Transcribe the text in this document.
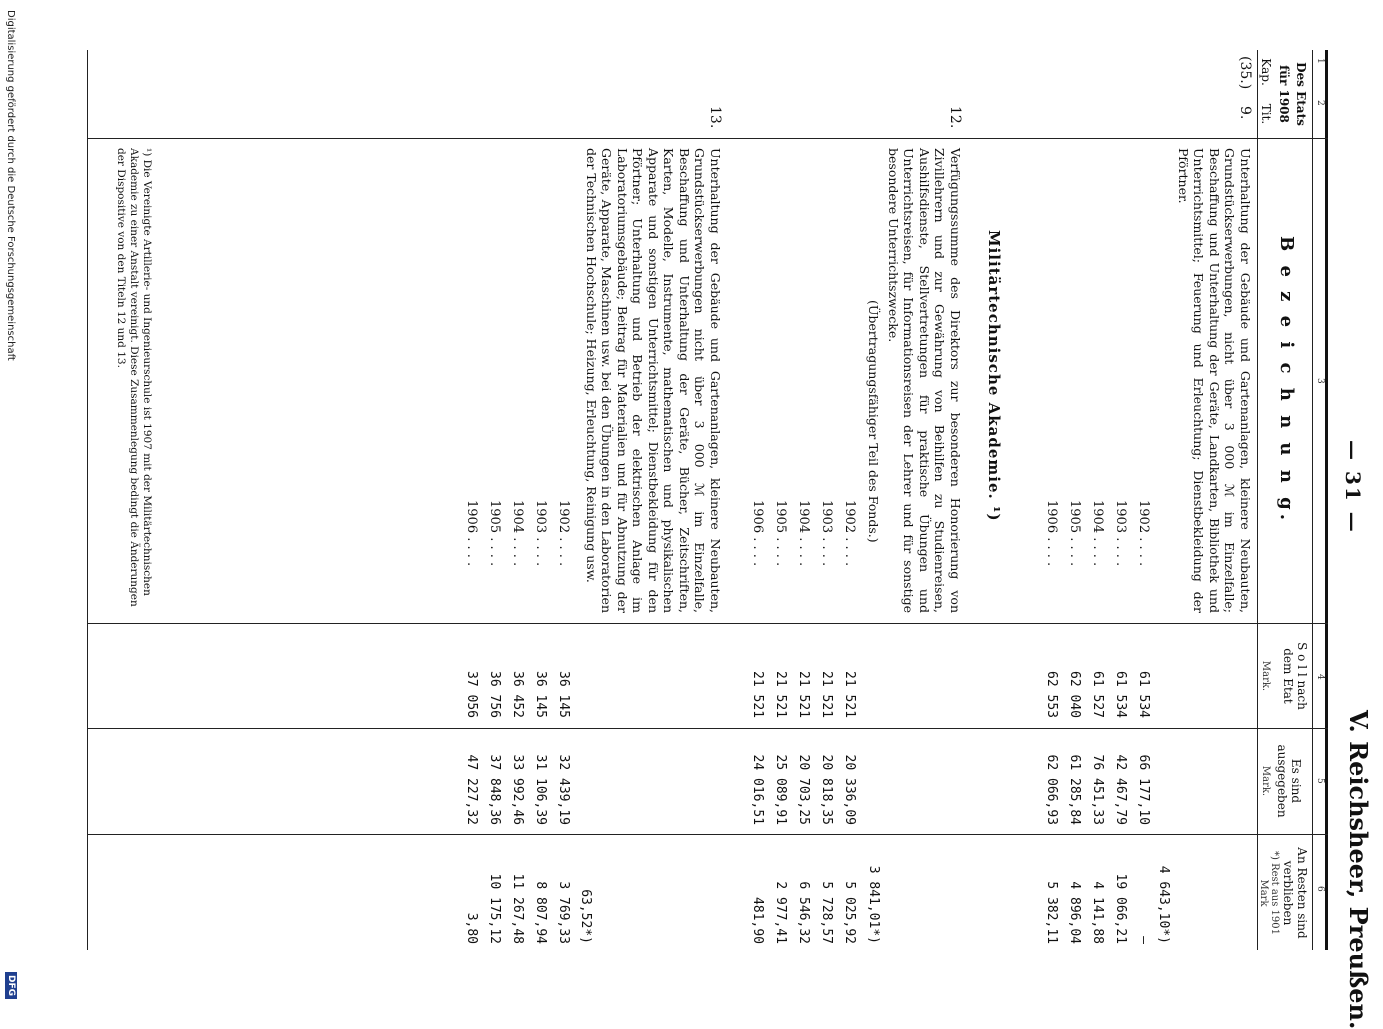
— 31 —
V. Reichsheer, Preußen.
1
2
3
4
5
6
Des Etats
für 1908
Kap.
Tit.
B e z e i c h n u n g.
S o l l nach dem Etat
Mark.
Es sind ausgegeben
Mark.
An Resten sind verblieben
*) Rest aus 1901
Mark
(35.)
9.
Unterhaltung der Gebäude und Gartenanlagen, kleinere Neubauten, Grundstückserwerbungen, nicht über 3 000 ℳ im Einzelfalle; Beschaffung und Unterhaltung der Geräte, Landkarten, Bibliothek und Unterrichtsmittel; Feuerung und Erleuchtung; Dienstbekleidung der Pförtner.
4 643,10*)
1902 . . . .
61 534
66 177,10
—
1903 . . . .
61 534
42 467,79
19 066,21
1904 . . . .
61 527
76 451,33
4 141,88
1905 . . . .
62 040
61 285,84
4 896,04
1906 . . . .
62 553
62 066,93
5 382,11
Militärtechnische Akademie. ¹)
12.
Verfügungssumme des Direktors zur besonderen Honorierung von Zivillehrern und zur Gewährung von Beihilfen zu Studienreisen, Aushilfsdienste, Stellvertretungen für praktische Übungen und Unterrichtsreisen, für Informationsreisen der Lehrer und für sonstige besondere Unterrichtszwecke.
(Übertragungsfähiger Teil des Fonds.)
3 841,01*)
1902 . . . .
21 521
20 336,09
5 025,92
1903 . . . .
21 521
20 818,35
5 728,57
1904 . . . .
21 521
20 703,25
6 546,32
1905 . . . .
21 521
25 089,91
2 977,41
1906 . . . .
21 521
24 016,51
481,90
13.
Unterhaltung der Gebäude und Gartenanlagen, kleinere Neubauten, Grundstückserwerbungen nicht über 3 000 ℳ im Einzelfalle, Beschaffung und Unterhaltung der Geräte, Bücher, Zeitschriften, Karten, Modelle, Instrumente, mathematischen und physikalischen Apparate und sonstigen Unterrichtsmittel; Dienstbekleidung für den Pförtner; Unterhaltung und Betrieb der elektrischen Anlage im Laboratoriumsgebäude; Beitrag für Materialien und für Abnutzung der Geräte, Apparate, Maschinen usw. bei den Übungen in den Laboratorien der Technischen Hochschule; Heizung, Erleuchtung, Reinigung usw.
63,52*)
1902 . . . .
36 145
32 439,19
3 769,33
1903 . . . .
36 145
31 106,39
8 807,94
1904 . . . .
36 452
33 992,46
11 267,48
1905 . . . .
36 756
37 848,36
10 175,12
1906 . . . .
37 056
47 227,32
3,80
¹) Die Vereinigte Artillerie- und Ingenieurschule ist 1907 mit der Militärtechnischen Akademie zu einer Anstalt vereinigt. Diese Zusammenlegung bedingt die Änderungen der Dispositive von den Titeln 12 und 13.
Digitalisierung gefördert durch die Deutsche Forschungsgemeinschaft
DFG
